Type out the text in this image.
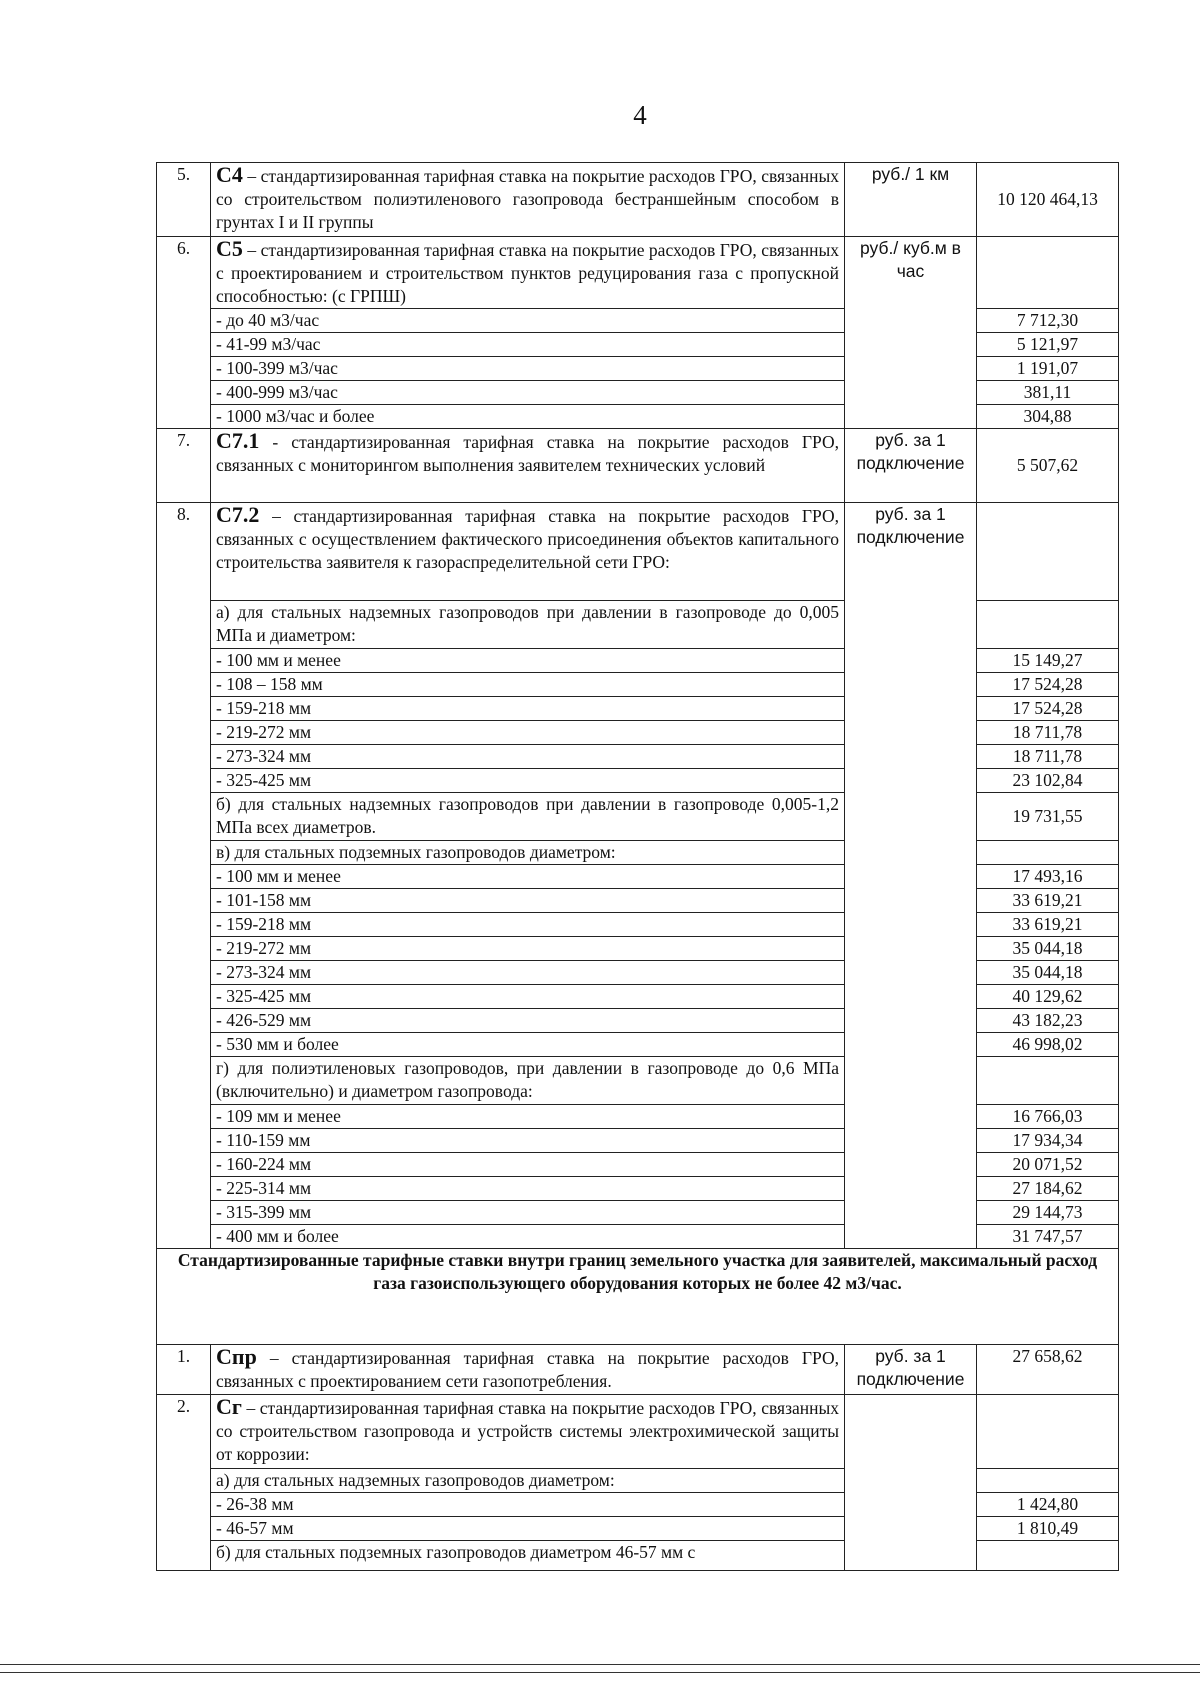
4
5.	С4 – стандартизированная тарифная ставка на покрытие расходов ГРО, связанных со строительством полиэтиленового газопровода бестраншейным способом в грунтах I и II группы	руб./ 1 км	10 120 464,13
6.	С5 – стандартизированная тарифная ставка на покрытие расходов ГРО, связанных с проектированием и строительством пунктов редуцирования газа с пропускной способностью: (с ГРПШ)	руб./ куб.м в час	
	- до 40 м3/час		7 712,30
	- 41-99 м3/час		5 121,97
	- 100-399 м3/час		1 191,07
	- 400-999 м3/час		381,11
	- 1000 м3/час и более		304,88
7.	С7.1 - стандартизированная тарифная ставка на покрытие расходов ГРО, связанных с мониторингом выполнения заявителем технических условий	руб. за 1 подключение	5 507,62
8.	С7.2 – стандартизированная тарифная ставка на покрытие расходов ГРО, связанных с осуществлением фактического присоединения объектов капитального строительства заявителя к газораспределительной сети ГРО:	руб. за 1 подключение	
	а) для стальных надземных газопроводов при давлении в газопроводе до 0,005 МПа и диаметром:		
	- 100 мм и менее		15 149,27
	- 108 – 158 мм		17 524,28
	- 159-218 мм		17 524,28
	- 219-272 мм		18 711,78
	- 273-324 мм		18 711,78
	- 325-425 мм		23 102,84
	б) для стальных надземных газопроводов при давлении в газопроводе 0,005-1,2 МПа всех диаметров.		19 731,55
	в) для стальных подземных газопроводов диаметром:		
	- 100 мм и менее		17 493,16
	- 101-158 мм		33 619,21
	- 159-218 мм		33 619,21
	- 219-272 мм		35 044,18
	- 273-324 мм		35 044,18
	- 325-425 мм		40 129,62
	- 426-529 мм		43 182,23
	- 530 мм и более		46 998,02
	г) для полиэтиленовых газопроводов, при давлении в газопроводе до 0,6 МПа (включительно) и диаметром газопровода:		
	- 109 мм и менее		16 766,03
	- 110-159 мм		17 934,34
	- 160-224 мм		20 071,52
	- 225-314 мм		27 184,62
	- 315-399 мм		29 144,73
	- 400 мм и более		31 747,57
Стандартизированные тарифные ставки внутри границ земельного участка для заявителей, максимальный расход газа газоиспользующего оборудования которых не более 42 м3/час.			
1.	Спр – стандартизированная тарифная ставка на покрытие расходов ГРО, связанных с проектированием сети газопотребления.	руб. за 1 подключение	27 658,62
2.	Сг – стандартизированная тарифная ставка на покрытие расходов ГРО, связанных со строительством газопровода и устройств системы электрохимической защиты от коррозии:		
	а) для стальных надземных газопроводов диаметром:		
	- 26-38 мм		1 424,80
	- 46-57 мм		1 810,49
	б) для стальных подземных газопроводов диаметром 46-57 мм с		
